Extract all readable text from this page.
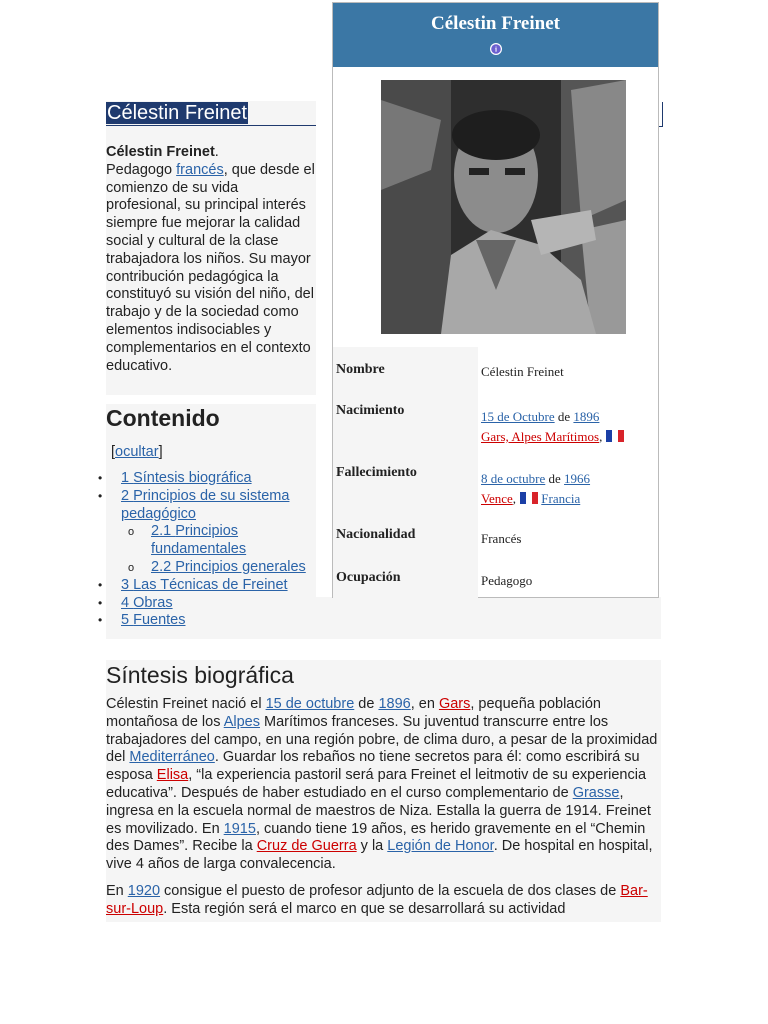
Célestin Freinet

Célestin Freinet.
Pedagogo francés, que desde el comienzo de su vida profesional, su principal interés siempre fue mejorar la calidad social y cultural de la clase trabajadora los niños. Su mayor contribución pedagógica la constituyó su visión del niño, del trabajo y de la sociedad como elementos indisociables y complementarios en el contexto educativo.

Contenido
[ocultar]
• 1 Síntesis biográfica
• 2 Principios de su sistema pedagógico
o 2.1 Principios fundamentales
o 2.2 Principios generales
• 3 Las Técnicas de Freinet
• 4 Obras
• 5 Fuentes
Célestin Freinet
i
Nombre	Célestin Freinet
Nacimiento	15 de Octubre de 1896
Gars, Alpes Marítimos,
Fallecimiento	8 de octubre de 1966
Vence, Francia
Nacionalidad	Francés
Ocupación	Pedagogo
Síntesis biográfica

Célestin Freinet nació el 15 de octubre de 1896, en Gars, pequeña población montañosa de los Alpes Marítimos franceses. Su juventud transcurre entre los trabajadores del campo, en una región pobre, de clima duro, a pesar de la proximidad del Mediterráneo. Guardar los rebaños no tiene secretos para él: como escribirá su esposa Elisa, “la experiencia pastoril será para Freinet el leitmotiv de su experiencia educativa”. Después de haber estudiado en el curso complementario de Grasse, ingresa en la escuela normal de maestros de Niza. Estalla la guerra de 1914. Freinet es movilizado. En 1915, cuando tiene 19 años, es herido gravemente en el “Chemin des Dames”. Recibe la Cruz de Guerra y la Legión de Honor. De hospital en hospital, vive 4 años de larga convalecencia.

En 1920 consigue el puesto de profesor adjunto de la escuela de dos clases de Bar-sur-Loup. Esta región será el marco en que se desarrollará su actividad
